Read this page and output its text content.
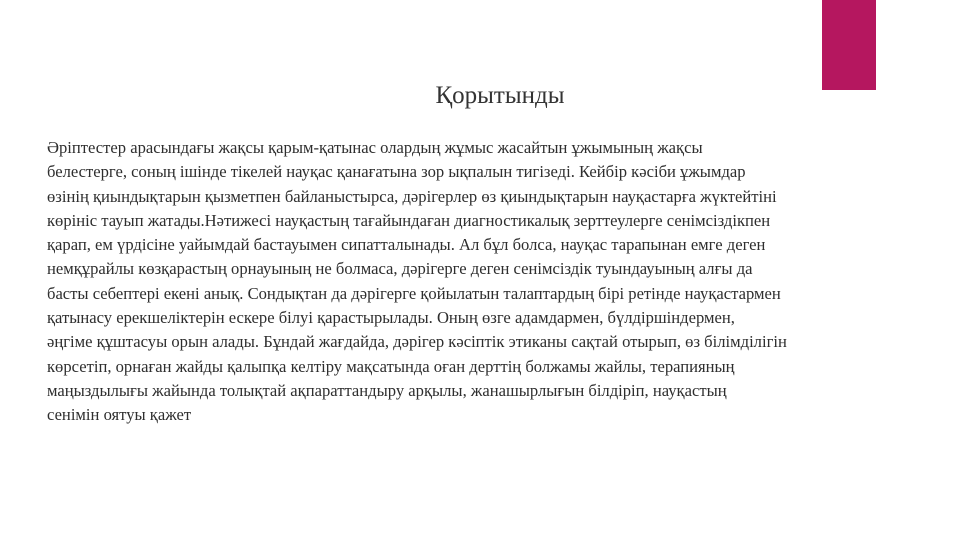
Қорытынды

Әріптестер арасындағы жақсы қарым-қатынас олардың жұмыс жасайтын ұжымының жақсы
белестерге, соның ішінде тікелей науқас қанағатына зор ықпалын тигізеді. Кейбір кәсіби ұжымдар
өзінің қиындықтарын қызметпен байланыстырса, дәрігерлер өз қиындықтарын науқастарға жүктейтіні
көрініс тауып жатады.Нәтижесі науқастың тағайындаған диагностикалық зерттеулерге сенімсіздікпен
қарап, ем үрдісіне уайымдай бастауымен сипатталынады. Ал бұл болса, науқас тарапынан емге деген
немқұрайлы көзқарастың орнауының не болмаса, дәрігерге деген сенімсіздік туындауының алғы да
басты себептері екені анық. Сондықтан да дәрігерге қойылатын талаптардың бірі ретінде науқастармен
қатынасу ерекшеліктерін ескере білуі қарастырылады. Оның өзге адамдармен, бүлдіршіндермен,
әңгіме құштасуы орын алады. Бұндай жағдайда, дәрігер кәсіптік этиканы сақтай отырып, өз білімділігін
көрсетіп, орнаған жайды қалыпқа келтіру мақсатында оған дерттің болжамы жайлы, терапияның
маңыздылығы жайында толықтай ақпараттандыру арқылы, жанашырлығын білдіріп, науқастың
сенімін оятуы қажет
